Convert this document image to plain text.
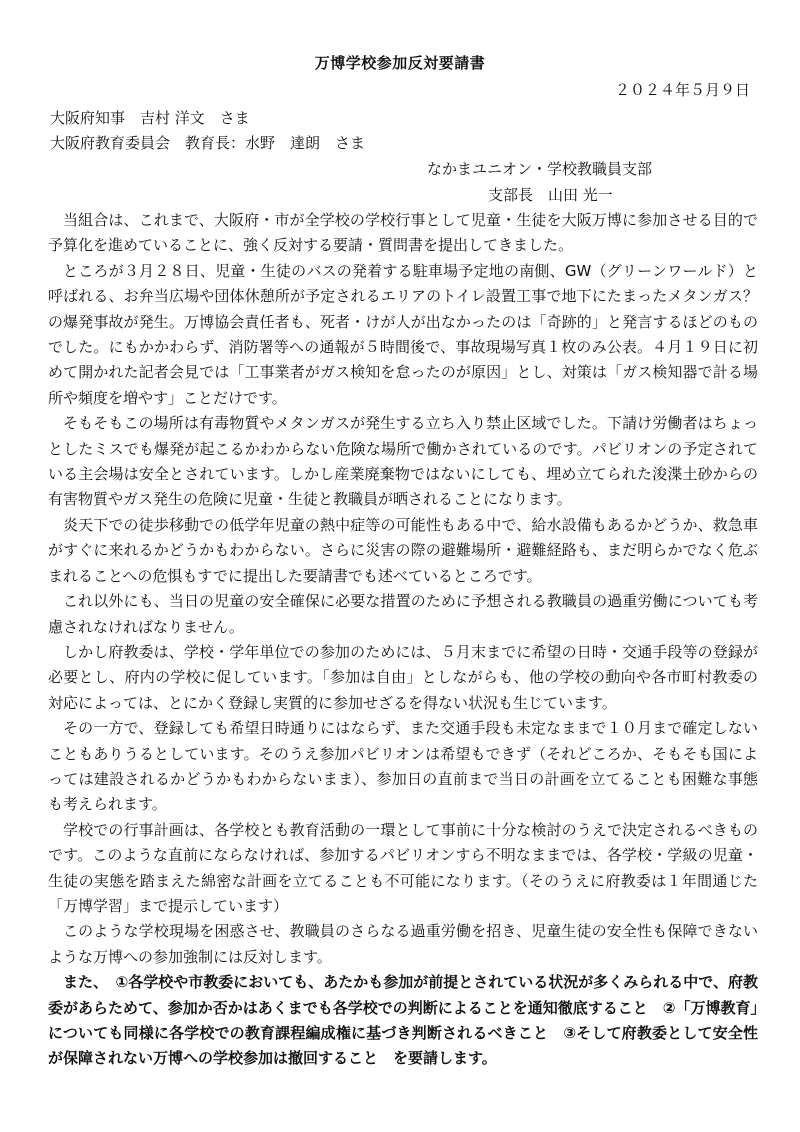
万博学校参加反対要請書
２０２４年５月９日
大阪府知事　吉村 洋文　さま
大阪府教育委員会　教育長：水野　達朗　さま
なかまユニオン・学校教職員支部
支部長　山田 光一

当組合は、これまで、大阪府・市が全学校の学校行事として児童・生徒を大阪万博に参加させる目的で予算化を進めていることに、強く反対する要請・質問書を提出してきました。

ところが３月２８日、児童・生徒のバスの発着する駐車場予定地の南側、GW（グリーンワールド）と呼ばれる、お弁当広場や団体休憩所が予定されるエリアのトイレ設置工事で地下にたまったメタンガス？の爆発事故が発生。万博協会責任者も、死者・けが人が出なかったのは「奇跡的」と発言するほどのものでした。にもかかわらず、消防署等への通報が５時間後で、事故現場写真１枚のみ公表。４月１９日に初めて開かれた記者会見では「工事業者がガス検知を怠ったのが原因」とし、対策は「ガス検知器で計る場所や頻度を増やす」ことだけです。

そもそもこの場所は有毒物質やメタンガスが発生する立ち入り禁止区域でした。下請け労働者はちょっとしたミスでも爆発が起こるかわからない危険な場所で働かされているのです。パビリオンの予定されている主会場は安全とされています。しかし産業廃棄物ではないにしても、埋め立てられた浚渫土砂からの有害物質やガス発生の危険に児童・生徒と教職員が晒されることになります。

炎天下での徒歩移動での低学年児童の熱中症等の可能性もある中で、給水設備もあるかどうか、救急車がすぐに来れるかどうかもわからない。さらに災害の際の避難場所・避難経路も、まだ明らかでなく危ぶまれることへの危惧もすでに提出した要請書でも述べているところです。

これ以外にも、当日の児童の安全確保に必要な措置のために予想される教職員の過重労働についても考慮されなければなりません。

しかし府教委は、学校・学年単位での参加のためには、５月末までに希望の日時・交通手段等の登録が必要とし、府内の学校に促しています。「参加は自由」としながらも、他の学校の動向や各市町村教委の対応によっては、とにかく登録し実質的に参加せざるを得ない状況も生じています。

その一方で、登録しても希望日時通りにはならず、また交通手段も未定なままで１０月まで確定しないこともありうるとしています。そのうえ参加パビリオンは希望もできず（それどころか、そもそも国によっては建設されるかどうかもわからないまま）、参加日の直前まで当日の計画を立てることも困難な事態も考えられます。

学校での行事計画は、各学校とも教育活動の一環として事前に十分な検討のうえで決定されるべきものです。このような直前にならなければ、参加するパビリオンすら不明なままでは、各学校・学級の児童・生徒の実態を踏まえた綿密な計画を立てることも不可能になります。（そのうえに府教委は１年間通じた「万博学習」まで提示しています）

このような学校現場を困惑させ、教職員のさらなる過重労働を招き、児童生徒の安全性も保障できないような万博への参加強制には反対します。

また、　①各学校や市教委においても、あたかも参加が前提とされている状況が多くみられる中で、府教委があらためて、参加か否かはあくまでも各学校での判断によることを通知徹底すること　②「万博教育」についても同様に各学校での教育課程編成権に基づき判断されるべきこと　③そして府教委として安全性が保障されない万博への学校参加は撤回すること　を要請します。
